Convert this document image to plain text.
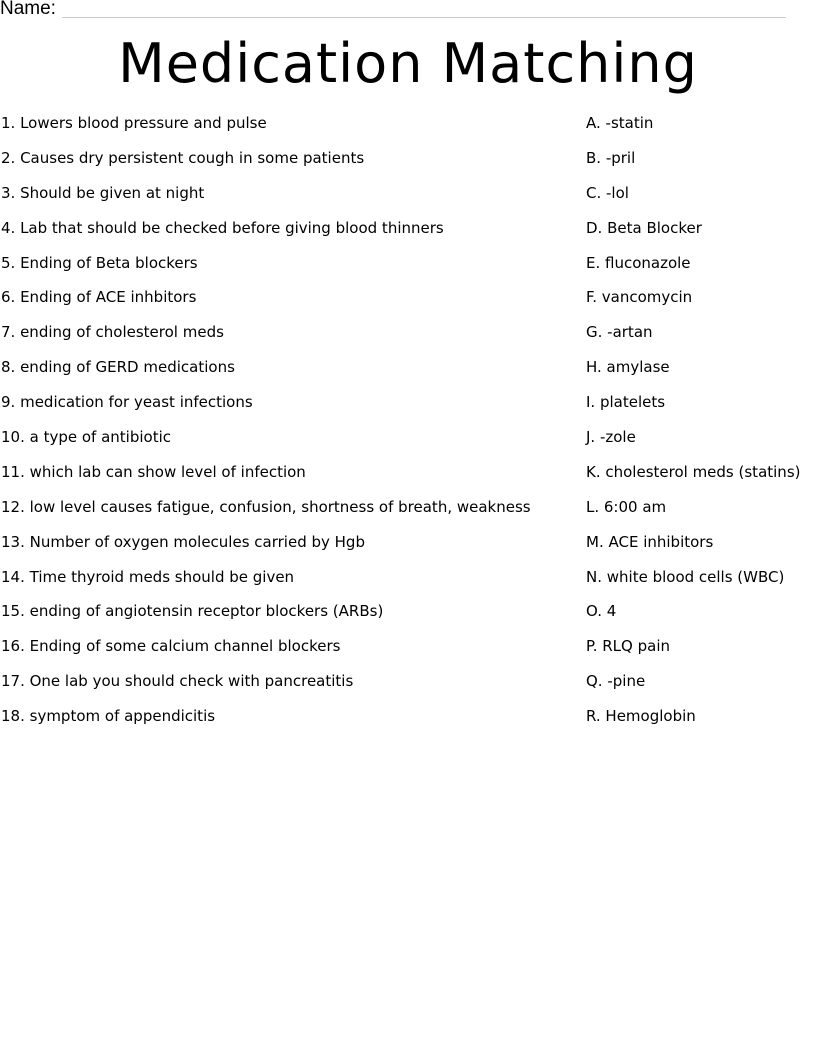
Name:
Medication Matching
1. Lowers blood pressure and pulse
2. Causes dry persistent cough in some patients
3. Should be given at night
4. Lab that should be checked before giving blood thinners
5. Ending of Beta blockers
6. Ending of ACE inhbitors
7. ending of cholesterol meds
8. ending of GERD medications
9. medication for yeast infections
10. a type of antibiotic
11. which lab can show level of infection
12. low level causes fatigue, confusion, shortness of breath, weakness
13. Number of oxygen molecules carried by Hgb
14. Time thyroid meds should be given
15. ending of angiotensin receptor blockers (ARBs)
16. Ending of some calcium channel blockers
17. One lab you should check with pancreatitis
18. symptom of appendicitis
A. -statin
B. -pril
C. -lol
D. Beta Blocker
E. fluconazole
F. vancomycin
G. -artan
H. amylase
I. platelets
J. -zole
K. cholesterol meds (statins)
L. 6:00 am
M. ACE inhibitors
N. white blood cells (WBC)
O. 4
P. RLQ pain
Q. -pine
R. Hemoglobin
